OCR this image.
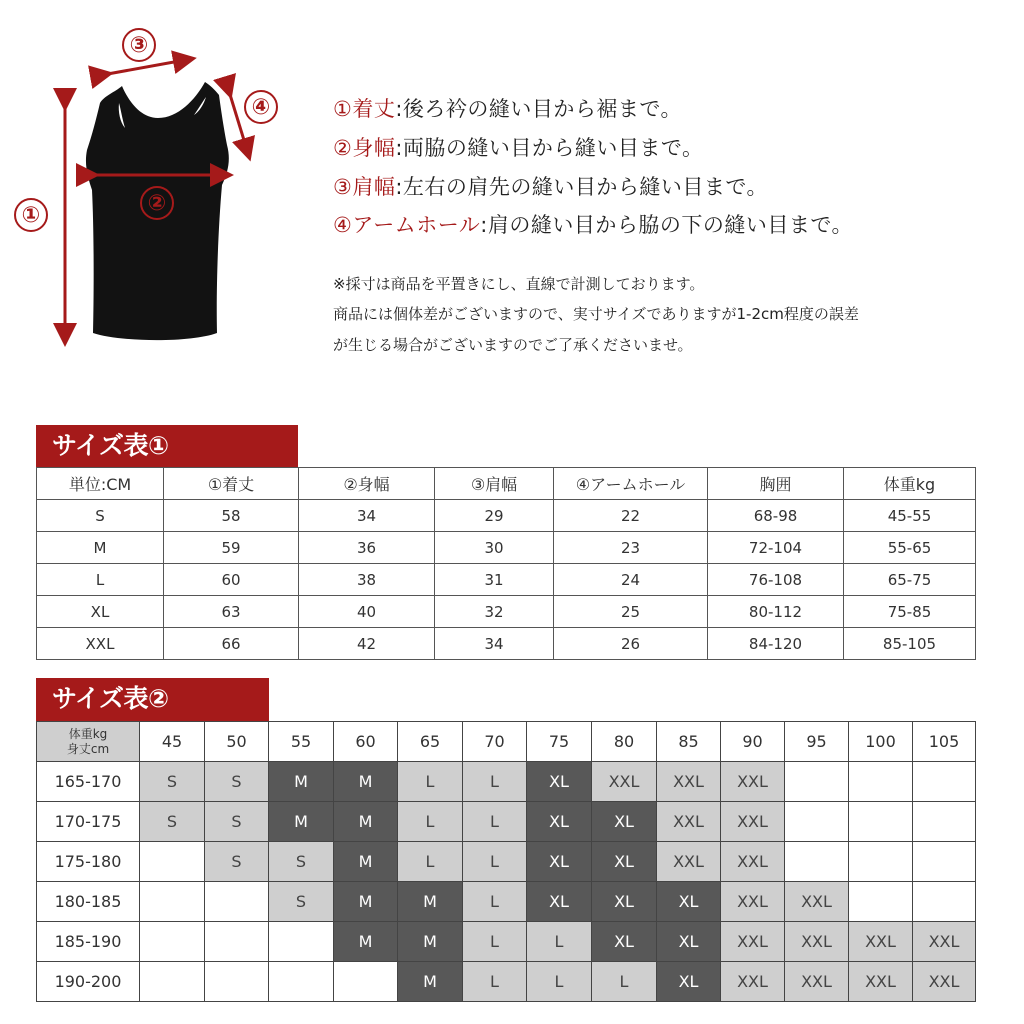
①	②
③
④	①着丈:後ろ衿の縫い目から裾まで。
②身幅:両脇の縫い目から縫い目まで。
③肩幅:左右の肩先の縫い目から縫い目まで。
④アームホール:肩の縫い目から脇の下の縫い目まで。
※採寸は商品を平置きにし、直線で計測しております。
商品には個体差がございますので、実寸サイズでありますが1-2cm程度の誤差
が生じる場合がございますのでご了承くださいませ。
サイズ表①
単位:CM	①着丈	②身幅	③肩幅	④アームホール	胸囲	体重kg
S	58	34	29	22	68-98	45-55
M	59	36	30	23	72-104	55-65
L	60	38	31	24	76-108	65-75
XL	63	40	32	25	80-112	75-85
XXL	66	42	34	26	84-120	85-105
サイズ表②
体重kg
身丈cm	45	50	55	60	65	70	75	80	85	90	95	100	105
165-170	S	S	M	M	L	L	XL	XXL	XXL	XXL			
170-175	S	S	M	M	L	L	XL	XL	XXL	XXL			
175-180		S	S	M	L	L	XL	XL	XXL	XXL			
180-185			S	M	M	L	XL	XL	XL	XXL	XXL		
185-190				M	M	L	L	XL	XL	XXL	XXL	XXL	XXL
190-200					M	L	L	L	XL	XXL	XXL	XXL	XXL
